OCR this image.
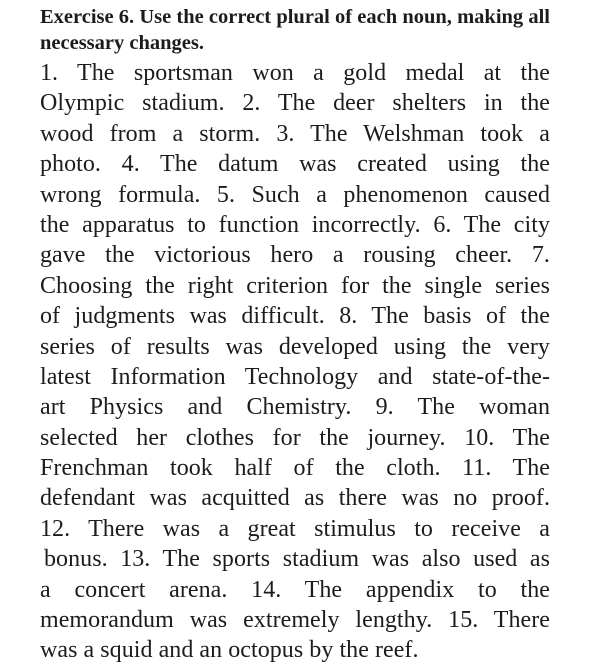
Exercise 6. Use the correct plural of each noun, making all necessary changes.

1. The sportsman won a gold medal at the
Olympic stadium. 2. The deer shelters in the
wood from a storm. 3. The Welshman took a
photo. 4. The datum was created using the
wrong formula. 5. Such a phenomenon caused
the apparatus to function incorrectly. 6. The city
gave the victorious hero a rousing cheer. 7.
Choosing the right criterion for the single series
of judgments was difficult. 8. The basis of the
series of results was developed using the very
latest Information Technology and state-of-the-
art Physics and Chemistry. 9. The woman
selected her clothes for the journey. 10. The
Frenchman took half of the cloth. 11. The
defendant was acquitted as there was no proof.
12. There was a great stimulus to receive a
bonus. 13. The sports stadium was also used as
a concert arena. 14. The appendix to the
memorandum was extremely lengthy. 15. There
was a squid and an octopus by the reef.
